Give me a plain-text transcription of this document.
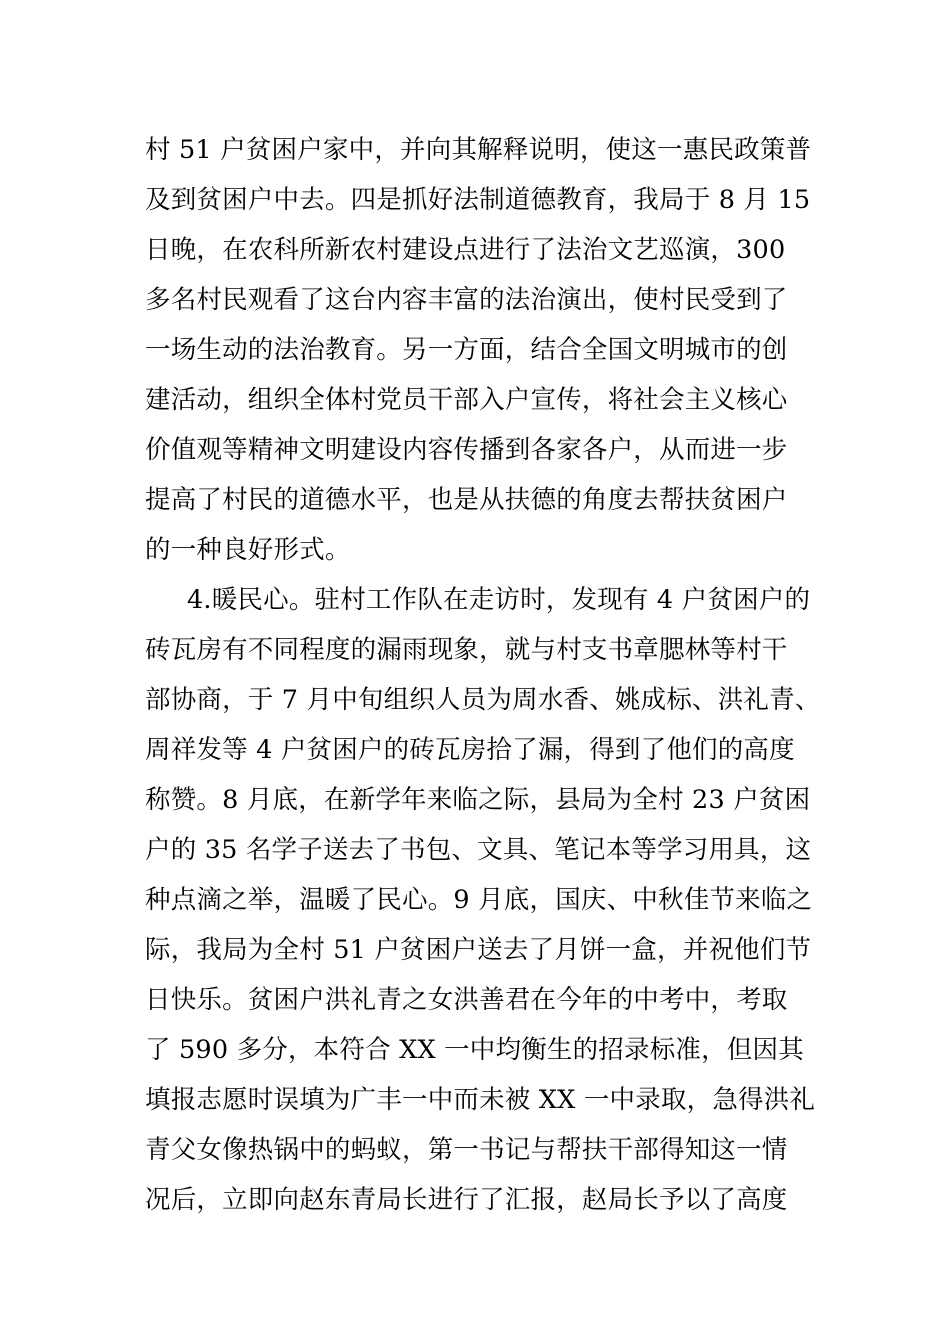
村 51 户贫困户家中，并向其解释说明，使这一惠民政策普
及到贫困户中去。四是抓好法制道德教育，我局于 8 月 15
日晚，在农科所新农村建设点进行了法治文艺巡演，300
多名村民观看了这台内容丰富的法治演出，使村民受到了
一场生动的法治教育。另一方面，结合全国文明城市的创
建活动，组织全体村党员干部入户宣传，将社会主义核心
价值观等精神文明建设内容传播到各家各户，从而进一步
提高了村民的道德水平，也是从扶德的角度去帮扶贫困户
的一种良好形式。
4.暖民心。驻村工作队在走访时，发现有 4 户贫困户的
砖瓦房有不同程度的漏雨现象，就与村支书章腮林等村干
部协商，于 7 月中旬组织人员为周水香、姚成标、洪礼青、
周祥发等 4 户贫困户的砖瓦房拾了漏，得到了他们的高度
称赞。8 月底，在新学年来临之际，县局为全村 23 户贫困
户的 35 名学子送去了书包、文具、笔记本等学习用具，这
种点滴之举，温暖了民心。9 月底，国庆、中秋佳节来临之
际，我局为全村 51 户贫困户送去了月饼一盒，并祝他们节
日快乐。贫困户洪礼青之女洪善君在今年的中考中，考取
了 590 多分，本符合 XX 一中均衡生的招录标准，但因其
填报志愿时误填为广丰一中而未被 XX 一中录取，急得洪礼
青父女像热锅中的蚂蚁，第一书记与帮扶干部得知这一情
况后，立即向赵东青局长进行了汇报，赵局长予以了高度
